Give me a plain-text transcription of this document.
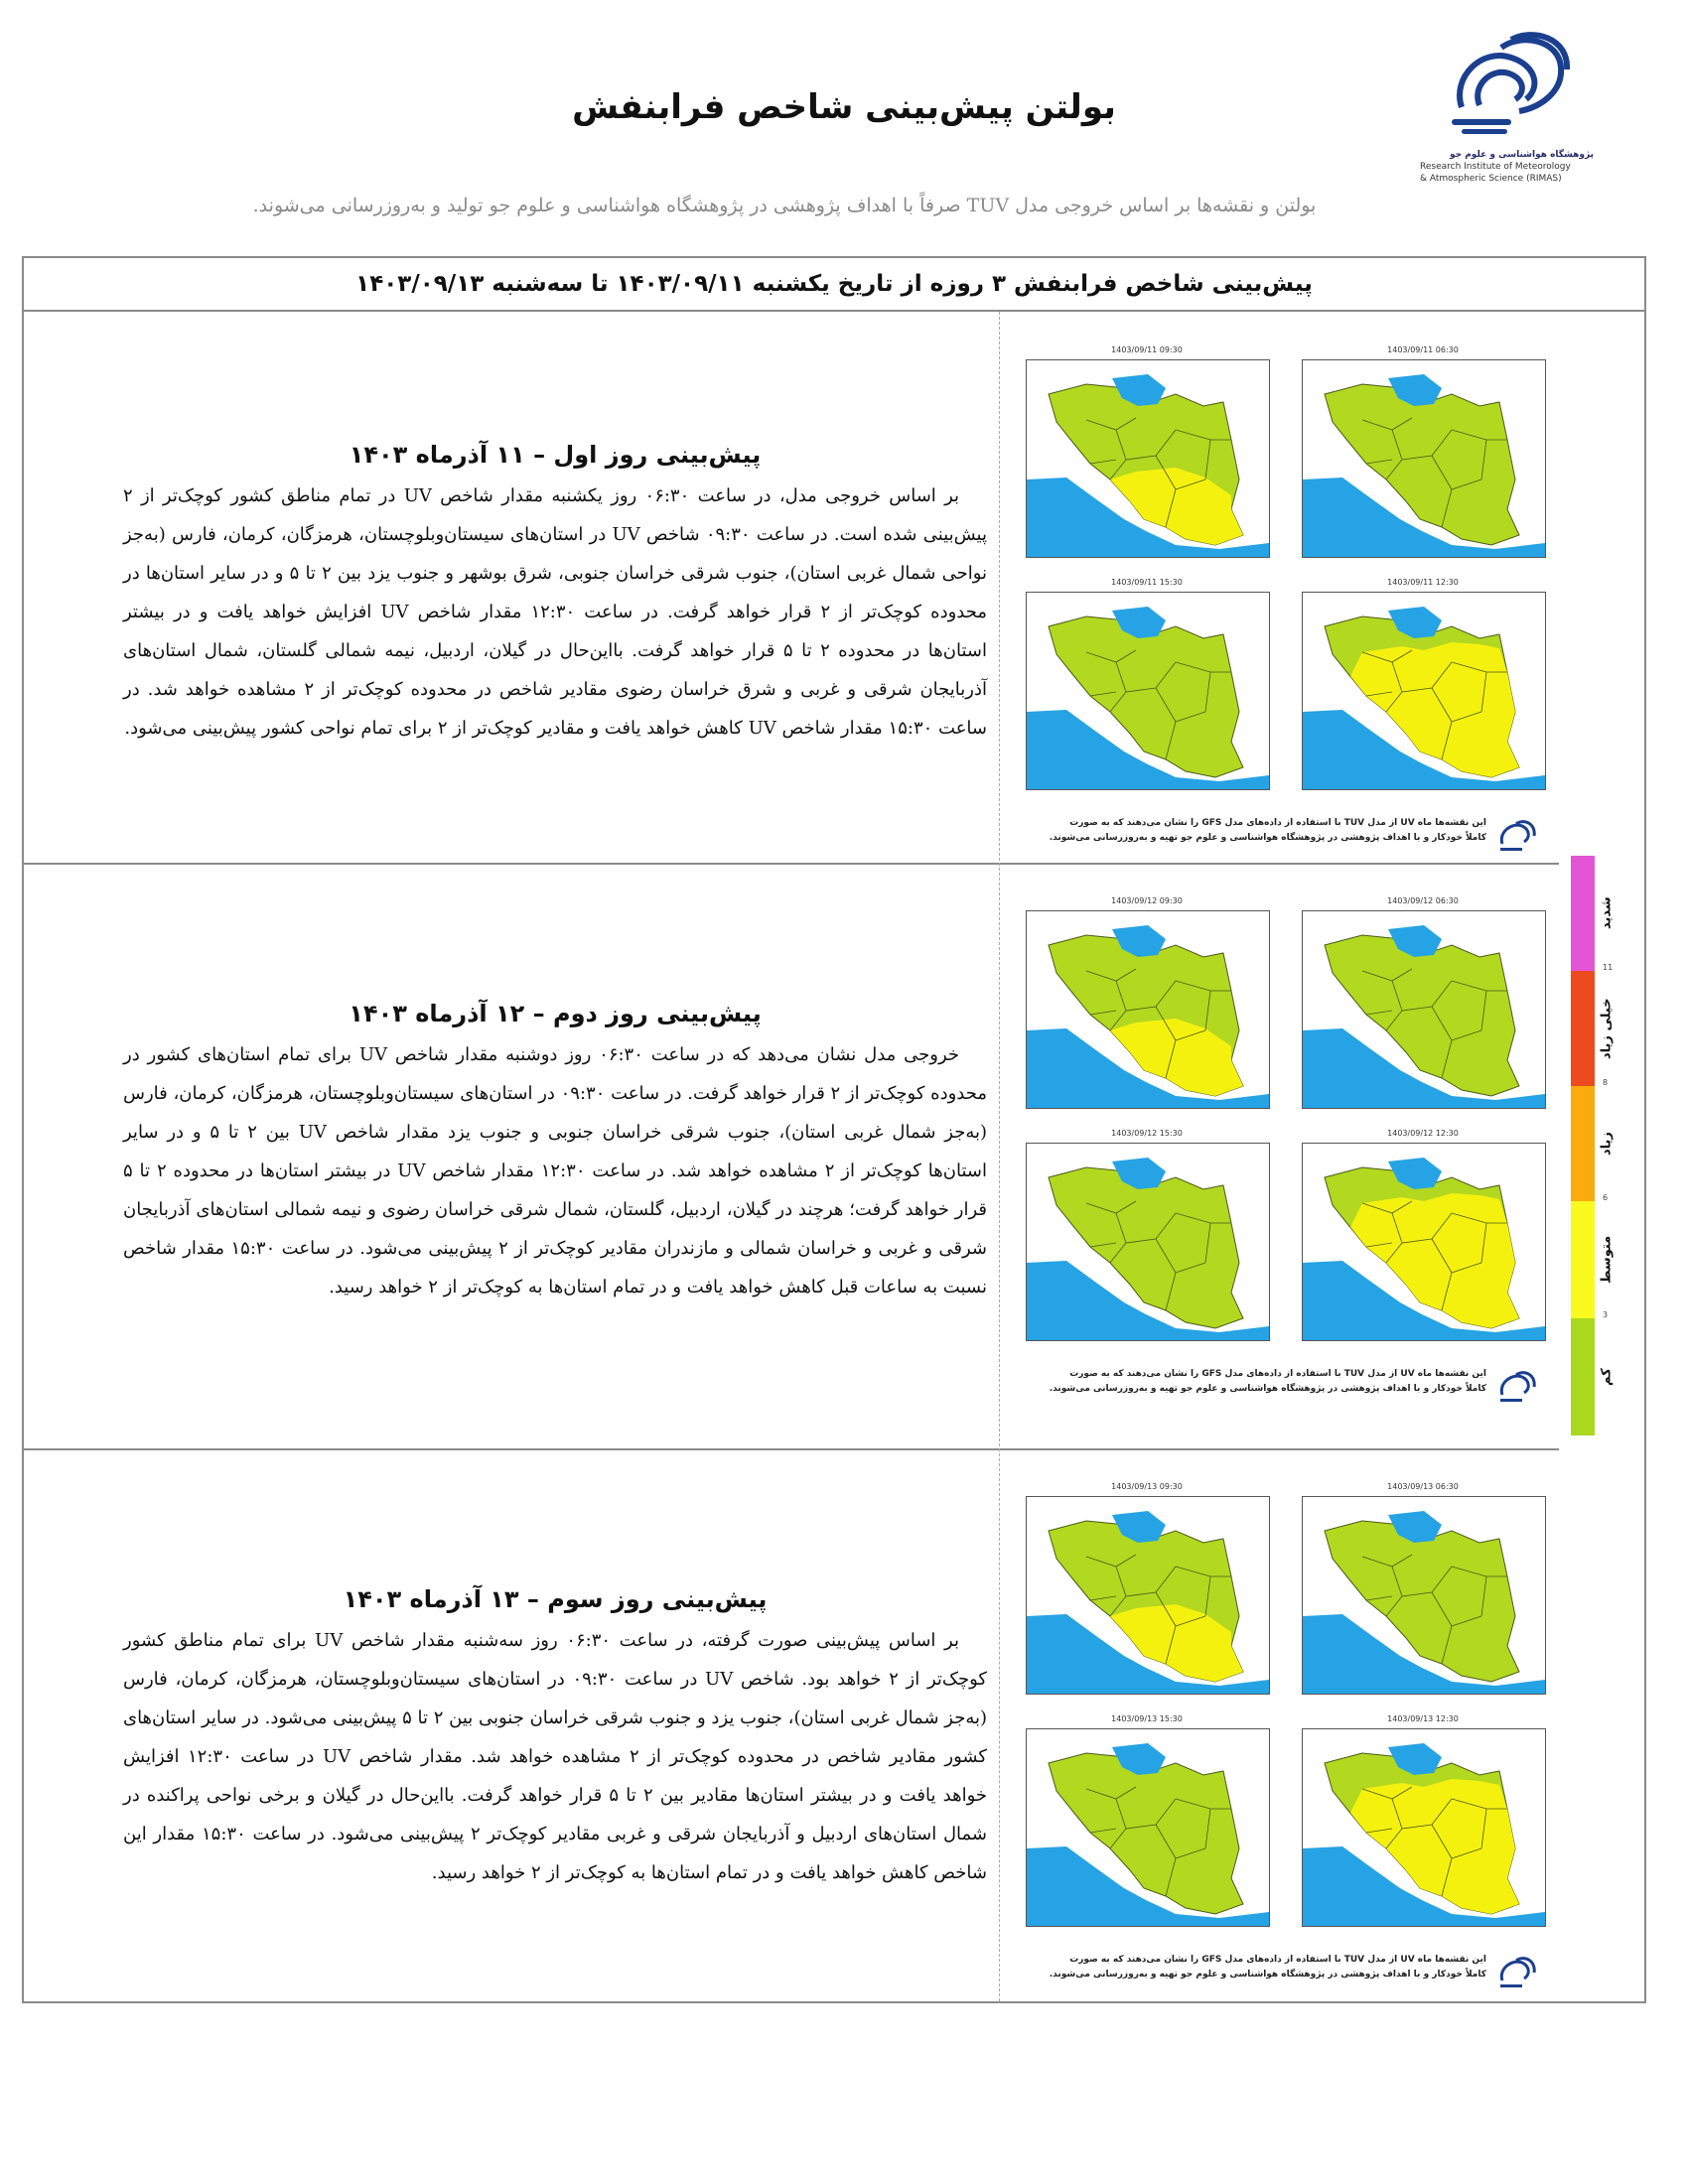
پژوهشگاه هواشناسی و علوم جو
Research Institute of Meteorology
& Atmospheric Science (RIMAS)
بولتن پیش‌بینی شاخص فرابنفش
بولتن و نقشه‌ها بر اساس خروجی مدل TUV صرفاً با اهداف پژوهشی در پژوهشگاه هواشناسی و علوم جو تولید و به‌روزرسانی می‌شوند.
پیش‌بینی شاخص فرابنفش ۳ روزه از تاریخ یکشنبه ۱۴۰۳/۰۹/۱۱ تا سه‌شنبه ۱۴۰۳/۰۹/۱۳
پیش‌بینی روز اول – ۱۱ آذرماه ۱۴۰۳

بر اساس خروجی مدل، در ساعت ۰۶:۳۰ روز یکشنبه مقدار شاخص UV در تمام مناطق کشور کوچک‌تر از ۲ پیش‌بینی شده است. در ساعت ۰۹:۳۰ شاخص UV در استان‌های سیستان‌وبلوچستان، هرمزگان، کرمان، فارس (به‌جز نواحی شمال غربی استان)، جنوب شرقی خراسان جنوبی، شرق بوشهر و جنوب یزد بین ۲ تا ۵ و در سایر استان‌ها در محدوده کوچک‌تر از ۲ قرار خواهد گرفت. در ساعت ۱۲:۳۰ مقدار شاخص UV افزایش خواهد یافت و در بیشتر استان‌ها در محدوده ۲ تا ۵ قرار خواهد گرفت. بااین‌حال در گیلان، اردبیل، نیمه شمالی گلستان، شمال استان‌های آذربایجان شرقی و غربی و شرق خراسان رضوی مقادیر شاخص در محدوده کوچک‌تر از ۲ مشاهده خواهد شد. در ساعت ۱۵:۳۰ مقدار شاخص UV کاهش خواهد یافت و مقادیر کوچک‌تر از ۲ برای تمام نواحی کشور پیش‌بینی می‌شود.

1403/09/11 06:30
1403/09/11 09:30
1403/09/11 12:30
1403/09/11 15:30
این نقشه‌ها ماه UV از مدل TUV با استفاده از داده‌های مدل GFS را نشان می‌دهند که به صورت
کاملاً خودکار و با اهداف پژوهشی در پژوهشگاه هواشناسی و علوم جو تهیه و به‌روزرسانی می‌شوند.
پیش‌بینی روز دوم – ۱۲ آذرماه ۱۴۰۳

خروجی مدل نشان می‌دهد که در ساعت ۰۶:۳۰ روز دوشنبه مقدار شاخص UV برای تمام استان‌های کشور در محدوده کوچک‌تر از ۲ قرار خواهد گرفت. در ساعت ۰۹:۳۰ در استان‌های سیستان‌وبلوچستان، هرمزگان، کرمان، فارس (به‌جز شمال غربی استان)، جنوب شرقی خراسان جنوبی و جنوب یزد مقدار شاخص UV بین ۲ تا ۵ و در سایر استان‌ها کوچک‌تر از ۲ مشاهده خواهد شد. در ساعت ۱۲:۳۰ مقدار شاخص UV در بیشتر استان‌ها در محدوده ۲ تا ۵ قرار خواهد گرفت؛ هرچند در گیلان، اردبیل، گلستان، شمال شرقی خراسان رضوی و نیمه شمالی استان‌های آذربایجان شرقی و غربی و خراسان شمالی و مازندران مقادیر کوچک‌تر از ۲ پیش‌بینی می‌شود. در ساعت ۱۵:۳۰ مقدار شاخص نسبت به ساعات قبل کاهش خواهد یافت و در تمام استان‌ها به کوچک‌تر از ۲ خواهد رسید.

1403/09/12 06:30
1403/09/12 09:30
1403/09/12 12:30
1403/09/12 15:30
این نقشه‌ها ماه UV از مدل TUV با استفاده از داده‌های مدل GFS را نشان می‌دهند که به صورت
کاملاً خودکار و با اهداف پژوهشی در پژوهشگاه هواشناسی و علوم جو تهیه و به‌روزرسانی می‌شوند.
پیش‌بینی روز سوم – ۱۳ آذرماه ۱۴۰۳

بر اساس پیش‌بینی صورت گرفته، در ساعت ۰۶:۳۰ روز سه‌شنبه مقدار شاخص UV برای تمام مناطق کشور کوچک‌تر از ۲ خواهد بود. شاخص UV در ساعت ۰۹:۳۰ در استان‌های سیستان‌وبلوچستان، هرمزگان، کرمان، فارس (به‌جز شمال غربی استان)، جنوب یزد و جنوب شرقی خراسان جنوبی بین ۲ تا ۵ پیش‌بینی می‌شود. در سایر استان‌های کشور مقادیر شاخص در محدوده کوچک‌تر از ۲ مشاهده خواهد شد. مقدار شاخص UV در ساعت ۱۲:۳۰ افزایش خواهد یافت و در بیشتر استان‌ها مقادیر بین ۲ تا ۵ قرار خواهد گرفت. بااین‌حال در گیلان و برخی نواحی پراکنده در شمال استان‌های اردبیل و آذربایجان شرقی و غربی مقادیر کوچک‌تر ۲ پیش‌بینی می‌شود. در ساعت ۱۵:۳۰ مقدار این شاخص کاهش خواهد یافت و در تمام استان‌ها به کوچک‌تر از ۲ خواهد رسید.

1403/09/13 06:30
1403/09/13 09:30
1403/09/13 12:30
1403/09/13 15:30
این نقشه‌ها ماه UV از مدل TUV با استفاده از داده‌های مدل GFS را نشان می‌دهند که به صورت
کاملاً خودکار و با اهداف پژوهشی در پژوهشگاه هواشناسی و علوم جو تهیه و به‌روزرسانی می‌شوند.
شدید
خیلی زیاد
زیاد
متوسط
کم
11
8
6
3
